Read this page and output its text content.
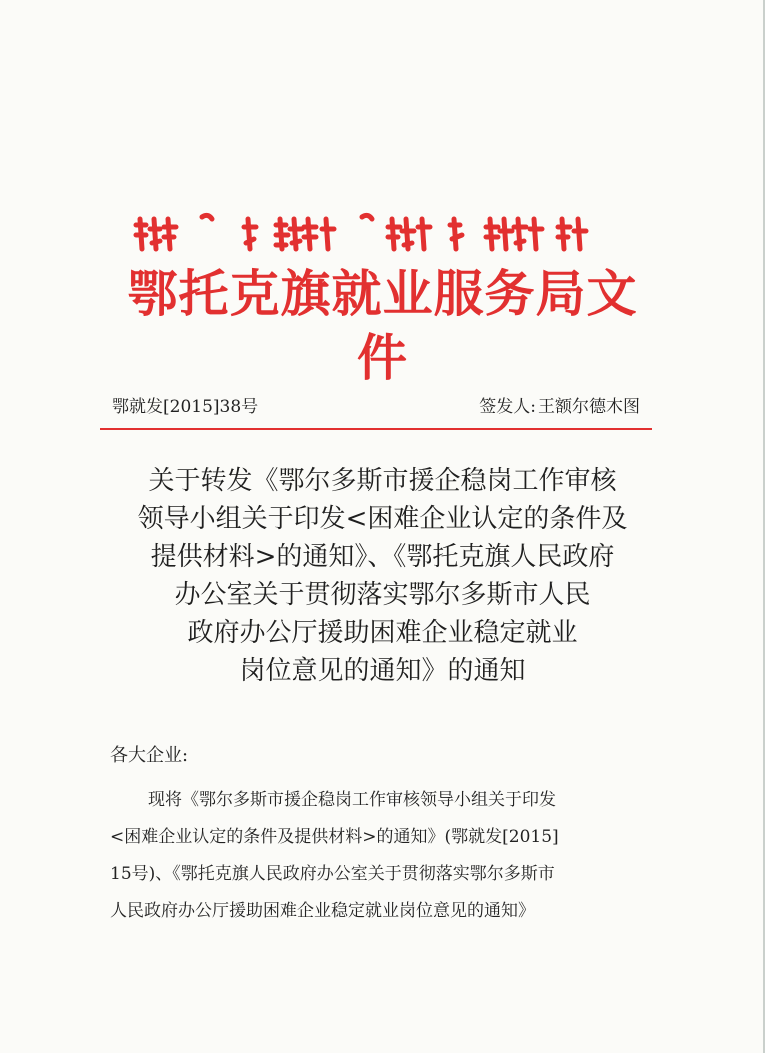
鄂托克旗就业服务局文件
鄂就发[2015]38号	签发人: 王额尔德木图
关于转发《鄂尔多斯市援企稳岗工作审核
领导小组关于印发<困难企业认定的条件及
提供材料>的通知》、《鄂托克旗人民政府
办公室关于贯彻落实鄂尔多斯市人民
政府办公厅援助困难企业稳定就业
岗位意见的通知》的通知
各大企业:
现将《鄂尔多斯市援企稳岗工作审核领导小组关于印发
<困难企业认定的条件及提供材料>的通知》(鄂就发[2015]
15号)、《鄂托克旗人民政府办公室关于贯彻落实鄂尔多斯市
人民政府办公厅援助困难企业稳定就业岗位意见的通知》
